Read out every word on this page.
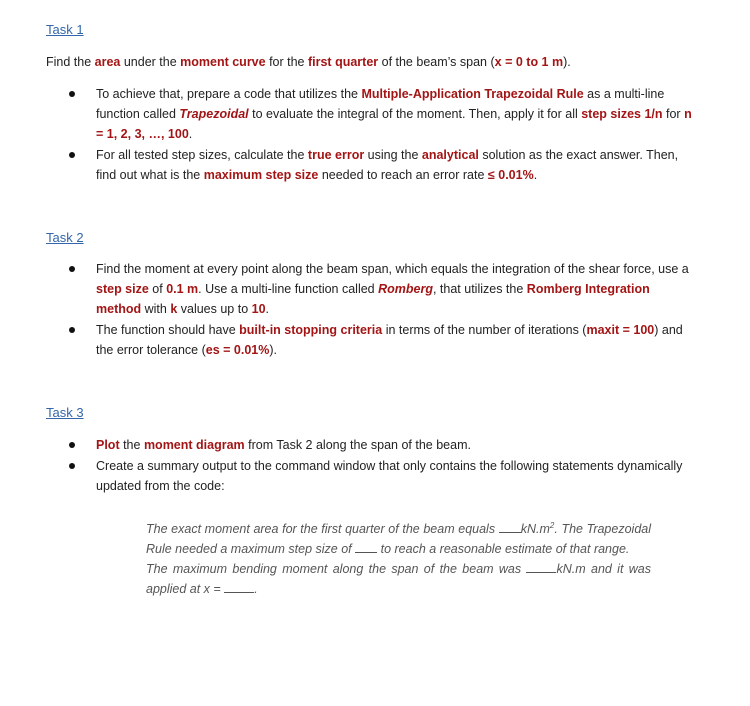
Task 1
Find the area under the moment curve for the first quarter of the beam’s span (x = 0 to 1 m).
To achieve that, prepare a code that utilizes the Multiple-Application Trapezoidal Rule as a multi-line function called Trapezoidal to evaluate the integral of the moment. Then, apply it for all step sizes 1/n for n = 1, 2, 3, …, 100.
For all tested step sizes, calculate the true error using the analytical solution as the exact answer. Then, find out what is the maximum step size needed to reach an error rate ≤ 0.01%.
Task 2
Find the moment at every point along the beam span, which equals the integration of the shear force, use a step size of 0.1 m. Use a multi-line function called Romberg, that utilizes the Romberg Integration method with k values up to 10.
The function should have built-in stopping criteria in terms of the number of iterations (maxit = 100) and the error tolerance (es = 0.01%).
Task 3
Plot the moment diagram from Task 2 along the span of the beam.
Create a summary output to the command window that only contains the following statements dynamically updated from the code:

The exact moment area for the first quarter of the beam equals $kN.m^2$. The Trapezoidal Rule needed a maximum step size of  to reach a reasonable estimate of that range.

The maximum bending moment along the span of the beam was kN.m and it was applied at x = .
